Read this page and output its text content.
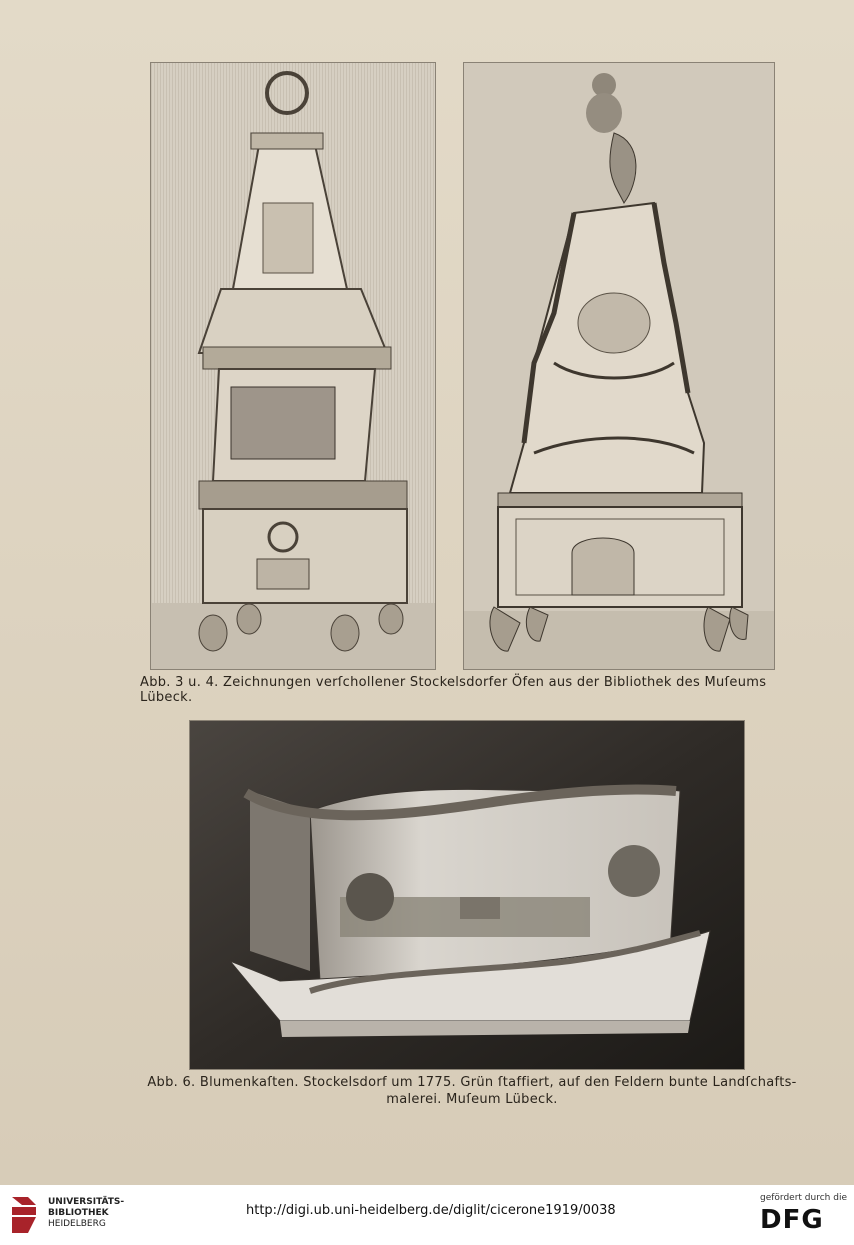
Abb. 3 u. 4. Zeichnungen verſchollener Stockelsdorfer Öfen aus der Bibliothek des Muſeums Lübeck.
Abb. 6. Blumenkaſten. Stockelsdorf um 1775. Grün ſtaffiert, auf den Feldern bunte Landſchafts-
malerei. Muſeum Lübeck.
UNIVERSITÄTS-
BIBLIOTHEK
HEIDELBERG
http://digi.ub.uni-heidelberg.de/diglit/cicerone1919/0038
gefördert durch die
DFG
